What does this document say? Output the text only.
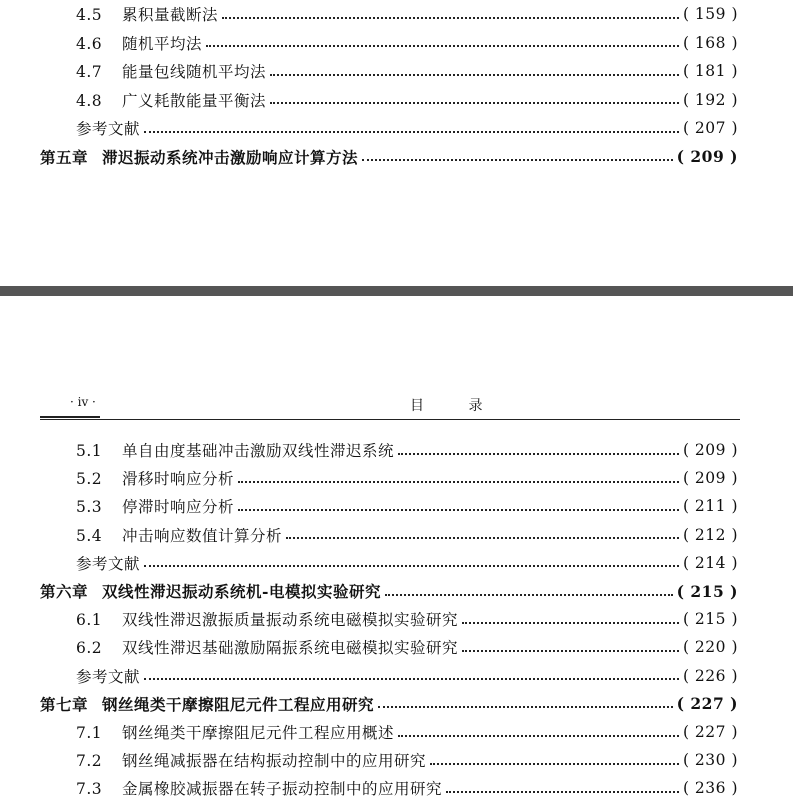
4.5 累积量截断法	( 159 )
4.6 随机平均法	( 168 )
4.7 能量包线随机平均法	( 181 )
4.8 广义耗散能量平衡法	( 192 )
参考文献	( 207 )
第五章 滞迟振动系统冲击激励响应计算方法	( 209 )
· iv ·	目 录
5.1 单自由度基础冲击激励双线性滞迟系统	( 209 )
5.2 滑移时响应分析	( 209 )
5.3 停滞时响应分析	( 211 )
5.4 冲击响应数值计算分析	( 212 )
参考文献	( 214 )
第六章 双线性滞迟振动系统机-电模拟实验研究	( 215 )
6.1 双线性滞迟激振质量振动系统电磁模拟实验研究	( 215 )
6.2 双线性滞迟基础激励隔振系统电磁模拟实验研究	( 220 )
参考文献	( 226 )
第七章 钢丝绳类干摩擦阻尼元件工程应用研究	( 227 )
7.1 钢丝绳类干摩擦阻尼元件工程应用概述	( 227 )
7.2 钢丝绳减振器在结构振动控制中的应用研究	( 230 )
7.3 金属橡胶减振器在转子振动控制中的应用研究	( 236 )
